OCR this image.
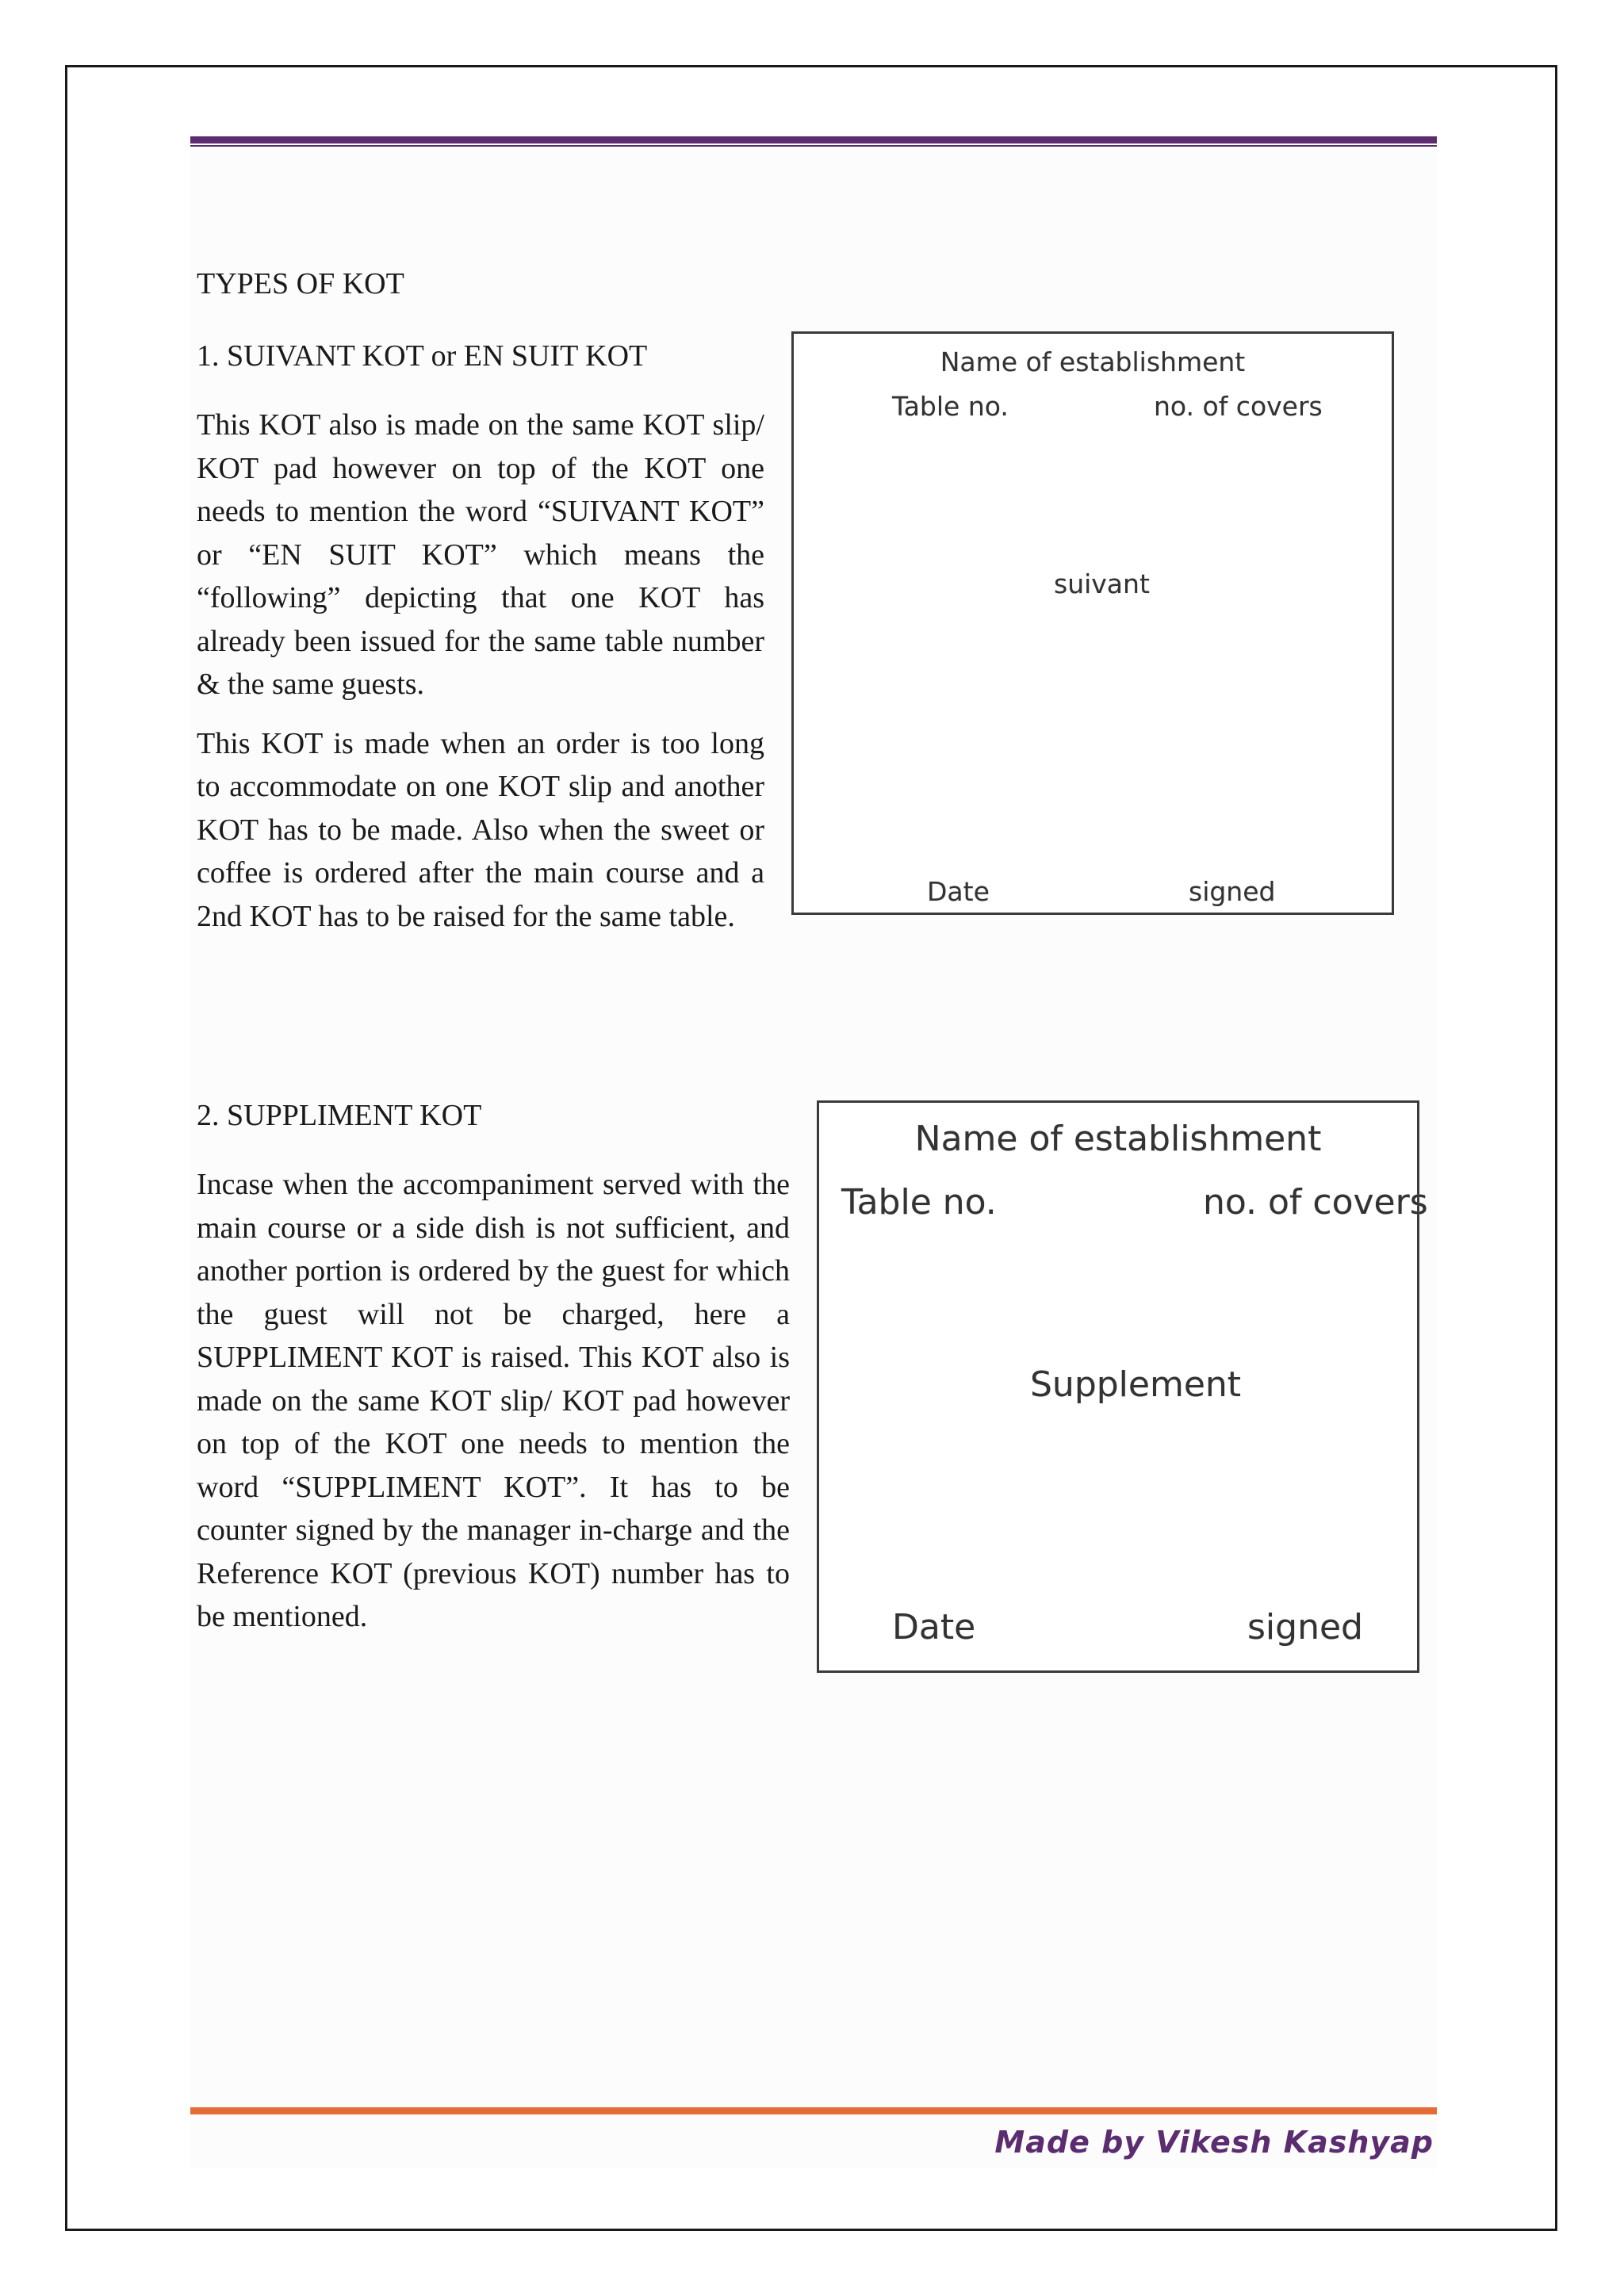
TYPES OF KOT
1. SUIVANT KOT or EN SUIT KOT

This KOT also is made on the same KOT slip/ KOT pad however on top of the KOT one needs to mention the word “SUIVANT KOT” or “EN SUIT KOT” which means the “following” depicting that one KOT has already been issued for the same table number & the same guests.

This KOT is made when an order is too long to accommodate on one KOT slip and another KOT has to be made. Also when the sweet or coffee is ordered after the main course and a 2nd KOT has to be raised for the same table.

Name of establishment
Table no.	no. of covers
suivant
Date	signed
2. SUPPLIMENT KOT

Incase when the accompaniment served with the main course or a side dish is not sufficient, and another portion is ordered by the guest for which the guest will not be charged, here a SUPPLIMENT KOT is raised. This KOT also is made on the same KOT slip/ KOT pad however on top of the KOT one needs to mention the word “SUPPLIMENT KOT”. It has to be counter signed by the manager in-charge and the Reference KOT (previous KOT) number has to be mentioned.

Name of establishment
Table no.	no. of covers
Supplement
Date	signed
Made by Vikesh Kashyap
